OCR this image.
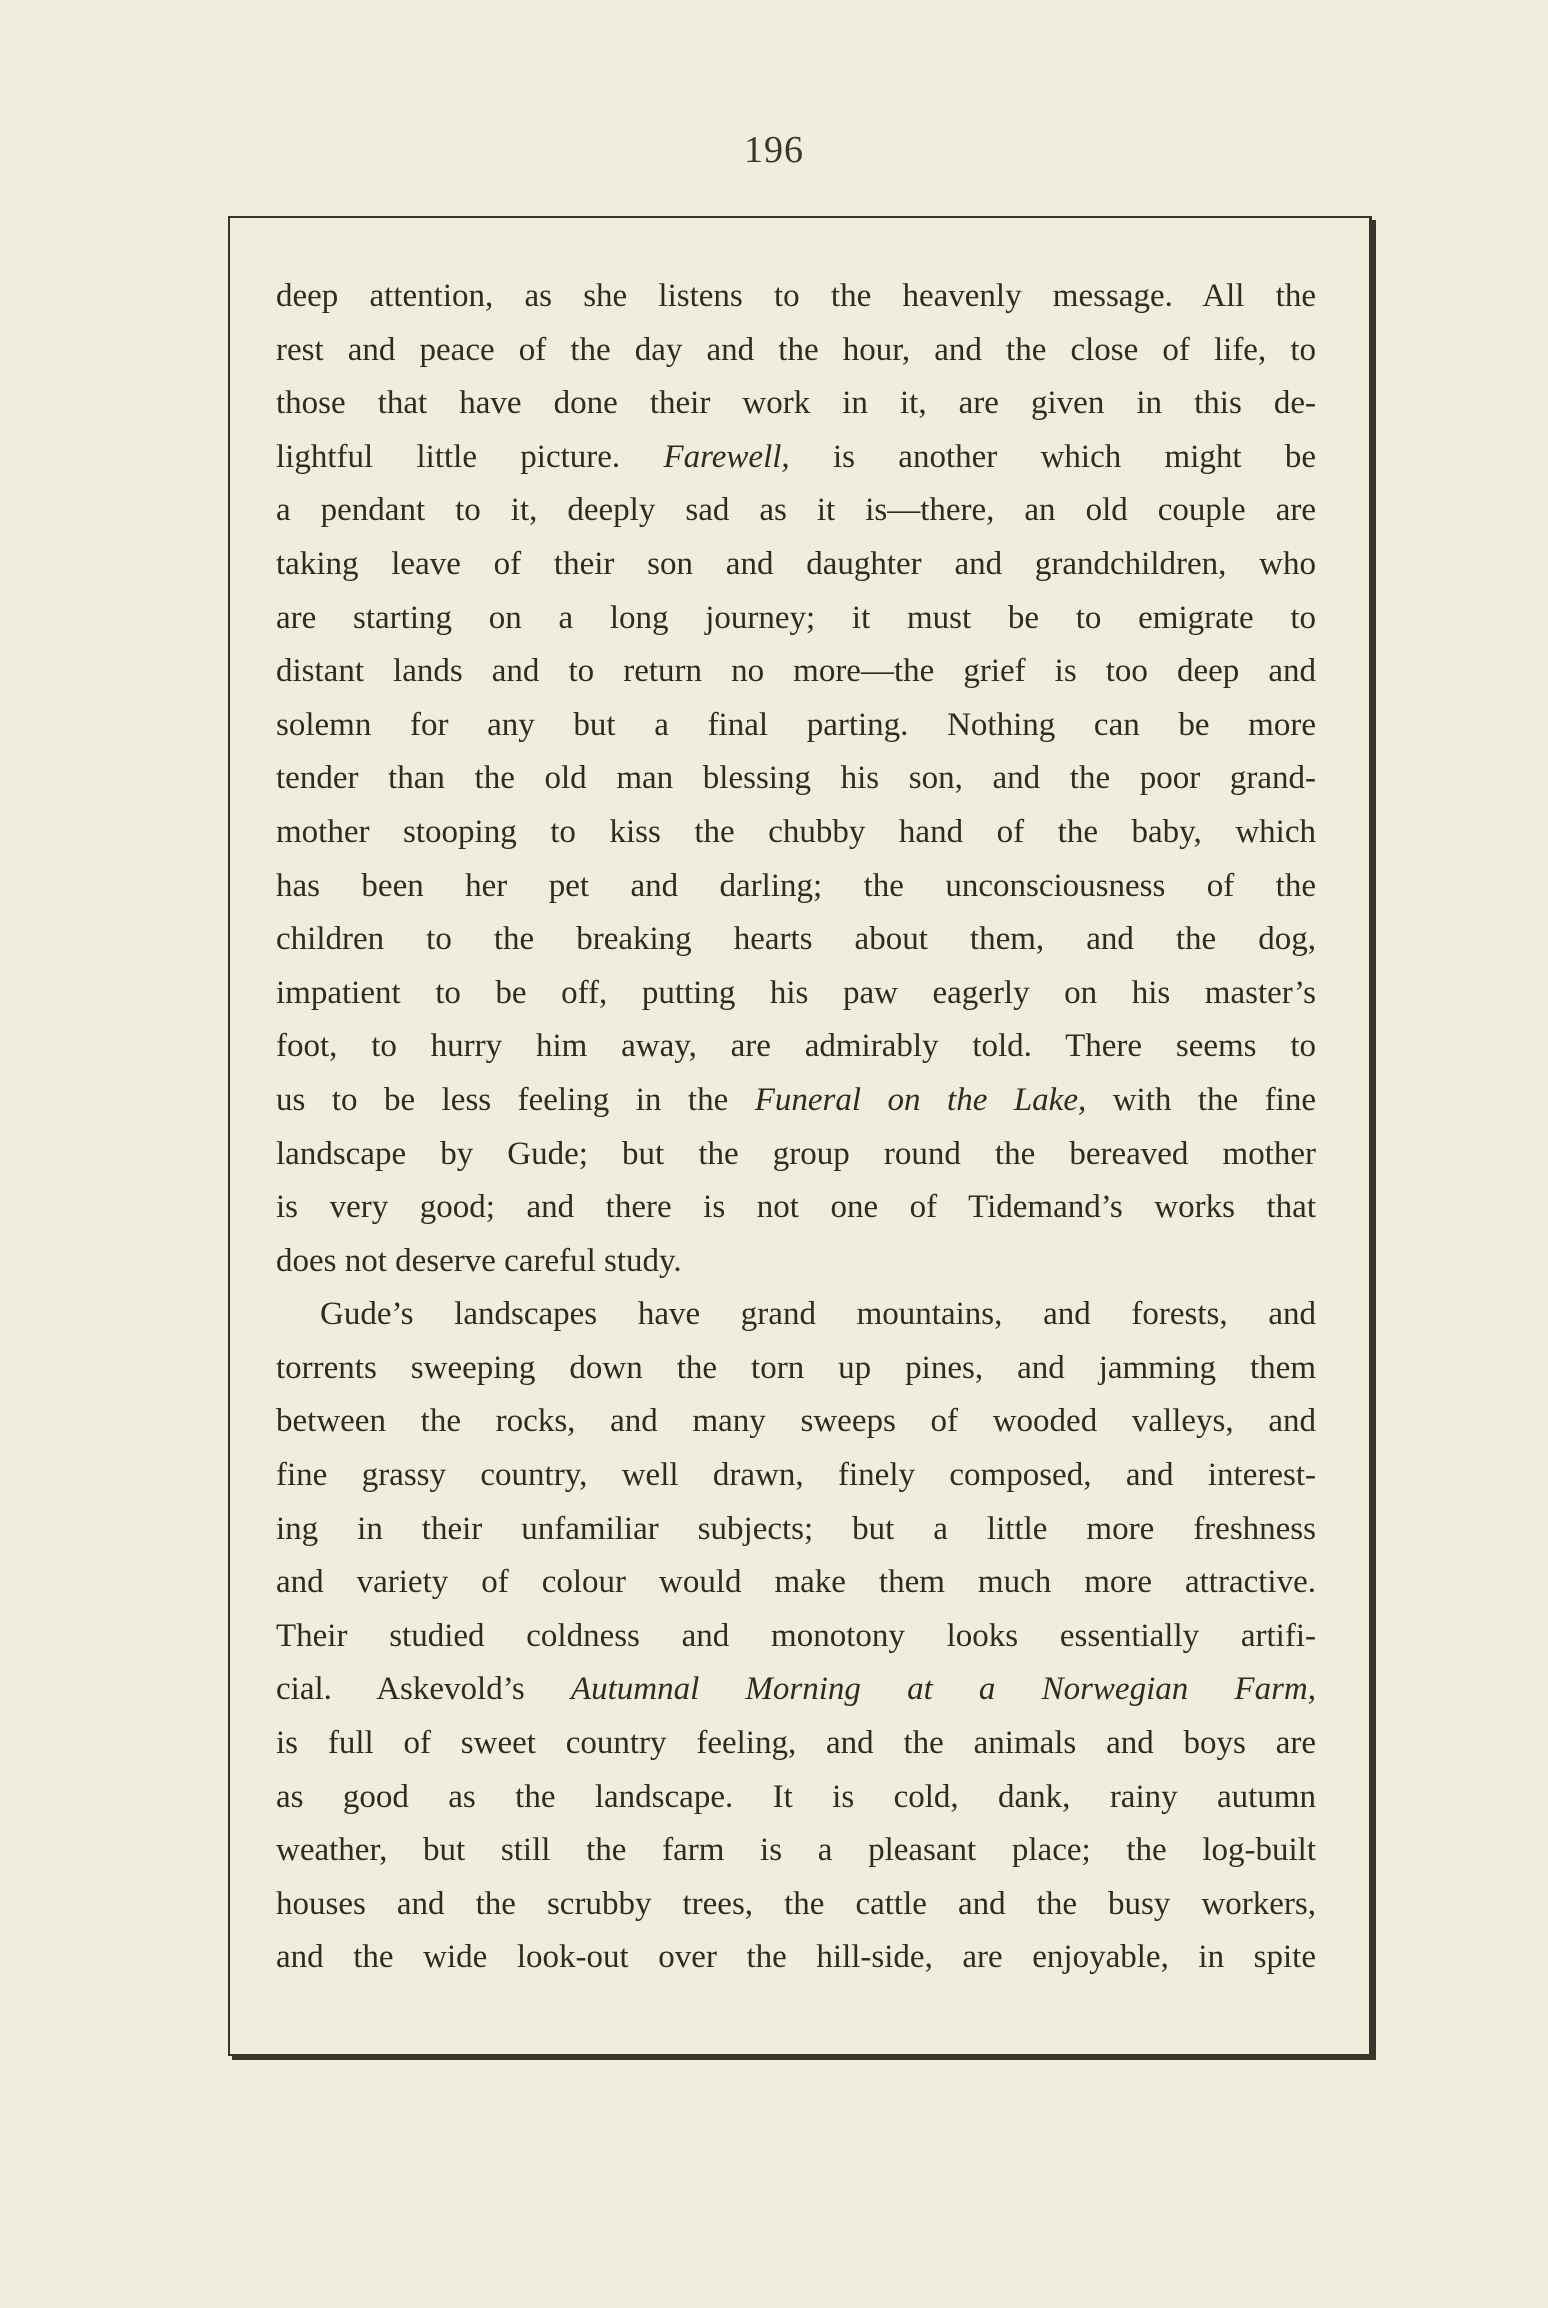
196
deep attention, as she listens to the heavenly message. All the
rest and peace of the day and the hour, and the close of life, to
those that have done their work in it, are given in this de-
lightful little picture. Farewell, is another which might be
a pendant to it, deeply sad as it is—there, an old couple are
taking leave of their son and daughter and grandchildren, who
are starting on a long journey; it must be to emigrate to
distant lands and to return no more—the grief is too deep and
solemn for any but a final parting. Nothing can be more
tender than the old man blessing his son, and the poor grand-
mother stooping to kiss the chubby hand of the baby, which
has been her pet and darling; the unconsciousness of the
children to the breaking hearts about them, and the dog,
impatient to be off, putting his paw eagerly on his master’s
foot, to hurry him away, are admirably told. There seems to
us to be less feeling in the Funeral on the Lake, with the fine
landscape by Gude; but the group round the bereaved mother
is very good; and there is not one of Tidemand’s works that
does not deserve careful study.
Gude’s landscapes have grand mountains, and forests, and
torrents sweeping down the torn up pines, and jamming them
between the rocks, and many sweeps of wooded valleys, and
fine grassy country, well drawn, finely composed, and interest-
ing in their unfamiliar subjects; but a little more freshness
and variety of colour would make them much more attractive.
Their studied coldness and monotony looks essentially artifi-
cial. Askevold’s Autumnal Morning at a Norwegian Farm,
is full of sweet country feeling, and the animals and boys are
as good as the landscape. It is cold, dank, rainy autumn
weather, but still the farm is a pleasant place; the log-built
houses and the scrubby trees, the cattle and the busy workers,
and the wide look-out over the hill-side, are enjoyable, in spite
